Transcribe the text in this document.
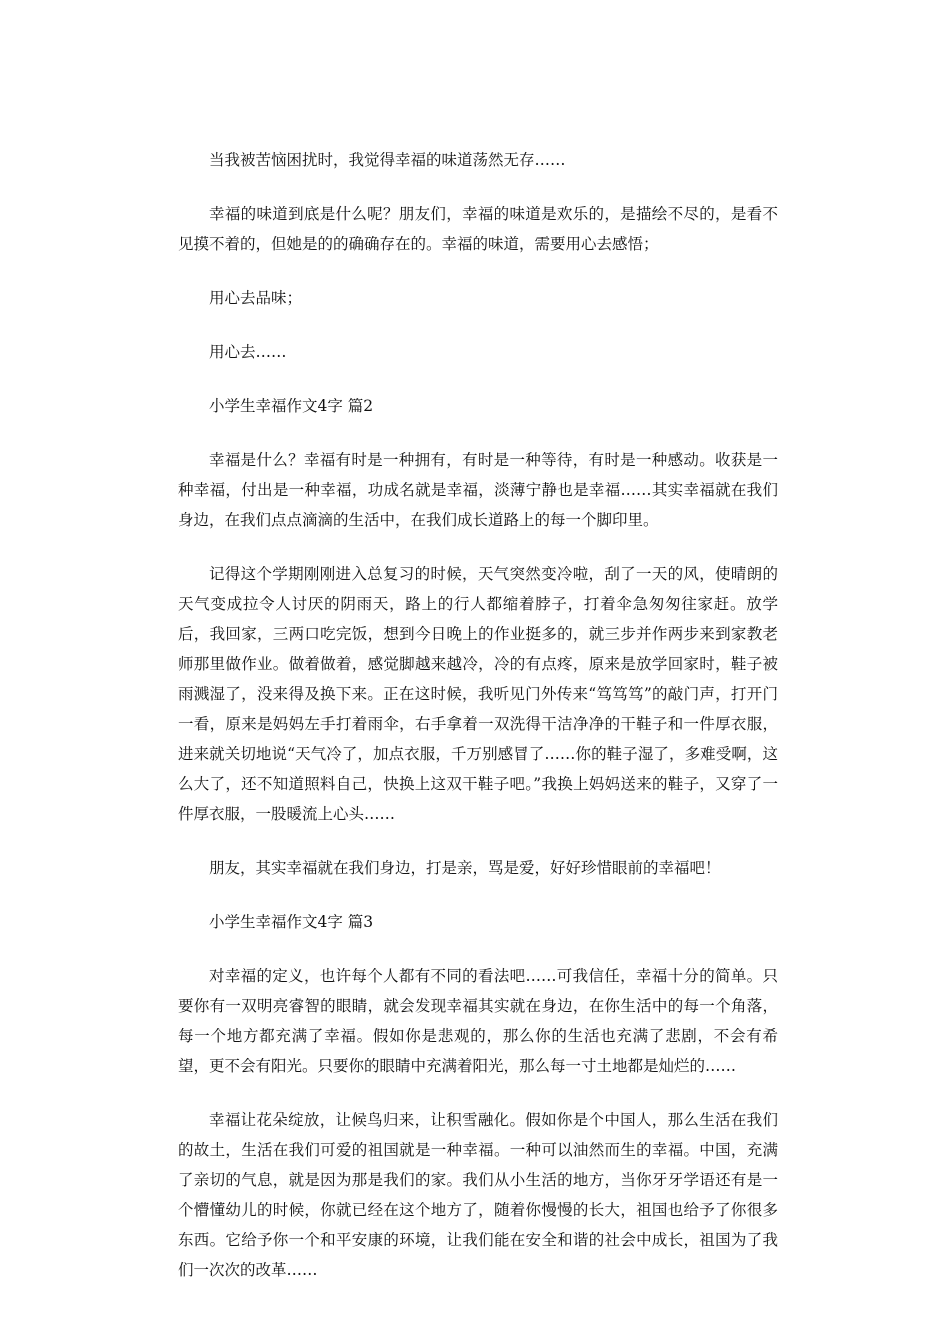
当我被苦恼困扰时，我觉得幸福的味道荡然无存……

幸福的味道到底是什么呢？朋友们，幸福的味道是欢乐的，是描绘不尽的，是看不见摸不着的，但她是的的确确存在的。幸福的味道，需要用心去感悟；

用心去品味；

用心去……

小学生幸福作文4字 篇2

幸福是什么？幸福有时是一种拥有，有时是一种等待，有时是一种感动。收获是一种幸福，付出是一种幸福，功成名就是幸福，淡薄宁静也是幸福……其实幸福就在我们身边，在我们点点滴滴的生活中，在我们成长道路上的每一个脚印里。

记得这个学期刚刚进入总复习的时候，天气突然变冷啦，刮了一天的风，使晴朗的天气变成拉令人讨厌的阴雨天，路上的行人都缩着脖子，打着伞急匆匆往家赶。放学后，我回家，三两口吃完饭，想到今日晚上的作业挺多的，就三步并作两步来到家教老师那里做作业。做着做着，感觉脚越来越冷，冷的有点疼，原来是放学回家时，鞋子被雨溅湿了，没来得及换下来。正在这时候，我听见门外传来“笃笃笃”的敲门声，打开门一看，原来是妈妈左手打着雨伞，右手拿着一双洗得干洁净净的干鞋子和一件厚衣服，进来就关切地说“天气冷了，加点衣服，千万别感冒了……你的鞋子湿了，多难受啊，这么大了，还不知道照料自己，快换上这双干鞋子吧。”我换上妈妈送来的鞋子，又穿了一件厚衣服，一股暖流上心头……

朋友，其实幸福就在我们身边，打是亲，骂是爱，好好珍惜眼前的幸福吧！

小学生幸福作文4字 篇3

对幸福的定义，也许每个人都有不同的看法吧……可我信任，幸福十分的简单。只要你有一双明亮睿智的眼睛，就会发现幸福其实就在身边，在你生活中的每一个角落，每一个地方都充满了幸福。假如你是悲观的，那么你的生活也充满了悲剧，不会有希望，更不会有阳光。只要你的眼睛中充满着阳光，那么每一寸土地都是灿烂的……

幸福让花朵绽放，让候鸟归来，让积雪融化。假如你是个中国人，那么生活在我们的故土，生活在我们可爱的祖国就是一种幸福。一种可以油然而生的幸福。中国，充满了亲切的气息，就是因为那是我们的家。我们从小生活的地方，当你牙牙学语还有是一个懵懂幼儿的时候，你就已经在这个地方了，随着你慢慢的长大，祖国也给予了你很多东西。它给予你一个和平安康的环境，让我们能在安全和谐的社会中成长，祖国为了我们一次次的改革……
